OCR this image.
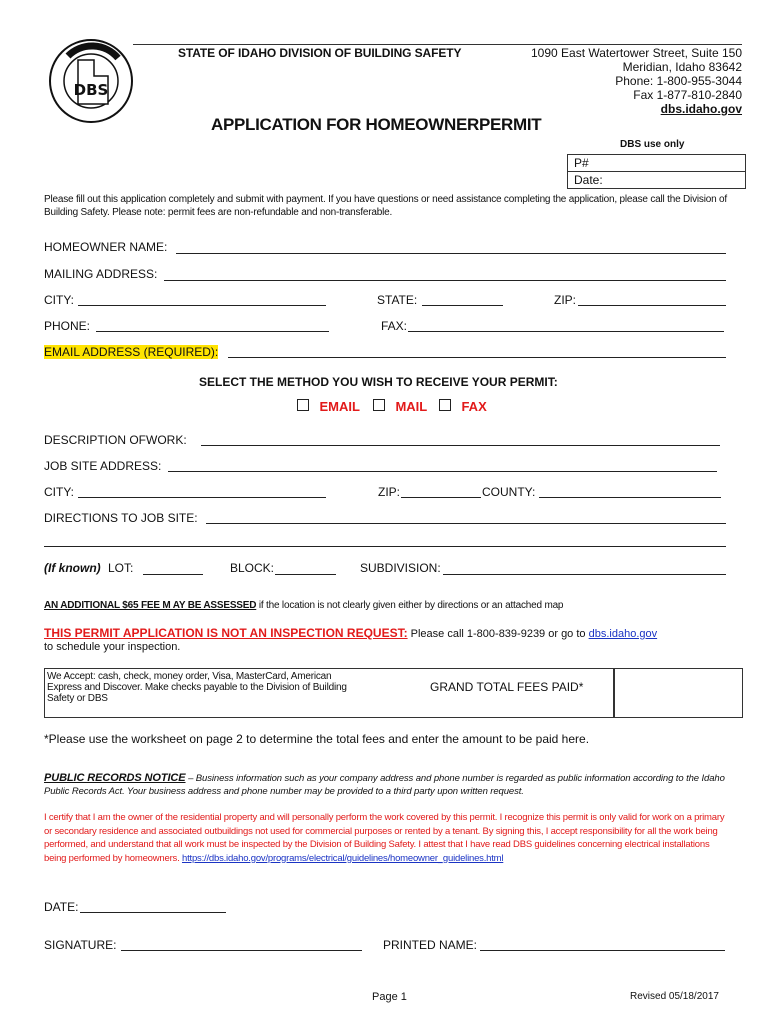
DBS
STATE OF IDAHO DIVISION OF BUILDING SAFETY	1090 East Watertower Street, Suite 150
Meridian, Idaho 83642
Phone: 1-800-955-3044
Fax 1-877-810-2840
dbs.idaho.gov
APPLICATION FOR HOMEOWNERPERMIT
DBS use only
P#
Date:
Please fill out this application completely and submit with payment. If you have questions or need assistance completing the application, please call the Division of Building Safety. Please note: permit fees are non-refundable and non-transferable.
HOMEOWNER NAME:
MAILING ADDRESS:
CITY:	STATE:	ZIP:
PHONE:	FAX:
EMAIL ADDRESS (REQUIRED):
SELECT THE METHOD YOU WISH TO RECEIVE YOUR PERMIT:
EMAIL	MAIL	FAX
DESCRIPTION OFWORK:
JOB SITE ADDRESS:
CITY:	ZIP:	COUNTY:
DIRECTIONS TO JOB SITE:
(If known) LOT:	BLOCK:	SUBDIVISION:
AN ADDITIONAL $65 FEE M AY BE ASSESSED if the location is not clearly given either by directions or an attached map
THIS PERMIT APPLICATION IS NOT AN INSPECTION REQUEST: Please call 1-800-839-9239 or go to dbs.idaho.gov
to schedule your inspection.
We Accept: cash, check, money order, Visa, MasterCard, American Express and Discover. Make checks payable to the Division of Building Safety or DBS
GRAND TOTAL FEES PAID*
*Please use the worksheet on page 2 to determine the total fees and enter the amount to be paid here.
PUBLIC RECORDS NOTICE – Business information such as your company address and phone number is regarded as public information according to the Idaho Public Records Act. Your business address and phone number may be provided to a third party upon written request.
I certify that I am the owner of the residential property and will personally perform the work covered by this permit. I recognize this permit is only valid for work on a primary or secondary residence and associated outbuildings not used for commercial purposes or rented by a tenant. By signing this, I accept responsibility for all the work being performed, and understand that all work must be inspected by the Division of Building Safety. I attest that I have read DBS guidelines concerning electrical installations being performed by homeowners. https://dbs.idaho.gov/programs/electrical/guidelines/homeowner_guidelines.html
DATE:
SIGNATURE:	PRINTED NAME:
Page 1	Revised 05/18/2017
